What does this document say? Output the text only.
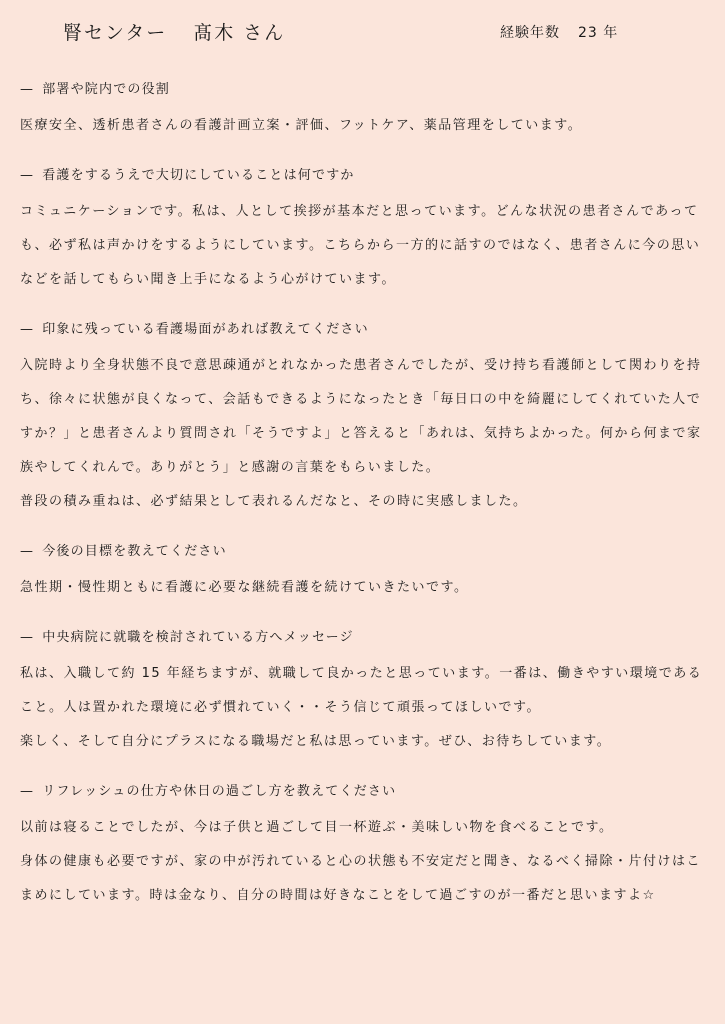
腎センター 髙木 さん	経験年数 23 年
— 部署や院内での役割

医療安全、透析患者さんの看護計画立案・評価、フットケア、薬品管理をしています。

— 看護をするうえで大切にしていることは何ですか

コミュニケーションです。私は、人として挨拶が基本だと思っています。どんな状況の患者さんであっても、必ず私は声かけをするようにしています。こちらから一方的に話すのではなく、患者さんに今の思いなどを話してもらい聞き上手になるよう心がけています。

— 印象に残っている看護場面があれば教えてください

入院時より全身状態不良で意思疎通がとれなかった患者さんでしたが、受け持ち看護師として関わりを持ち、徐々に状態が良くなって、会話もできるようになったとき「毎日口の中を綺麗にしてくれていた人ですか？」と患者さんより質問され「そうですよ」と答えると「あれは、気持ちよかった。何から何まで家族やしてくれんで。ありがとう」と感謝の言葉をもらいました。

普段の積み重ねは、必ず結果として表れるんだなと、その時に実感しました。

— 今後の目標を教えてください

急性期・慢性期ともに看護に必要な継続看護を続けていきたいです。

— 中央病院に就職を検討されている方へメッセージ

私は、入職して約 15 年経ちますが、就職して良かったと思っています。一番は、働きやすい環境であること。人は置かれた環境に必ず慣れていく・・そう信じて頑張ってほしいです。

楽しく、そして自分にプラスになる職場だと私は思っています。ぜひ、お待ちしています。

— リフレッシュの仕方や休日の過ごし方を教えてください

以前は寝ることでしたが、今は子供と過ごして目一杯遊ぶ・美味しい物を食べることです。

身体の健康も必要ですが、家の中が汚れていると心の状態も不安定だと聞き、なるべく掃除・片付けはこまめにしています。時は金なり、自分の時間は好きなことをして過ごすのが一番だと思いますよ☆
